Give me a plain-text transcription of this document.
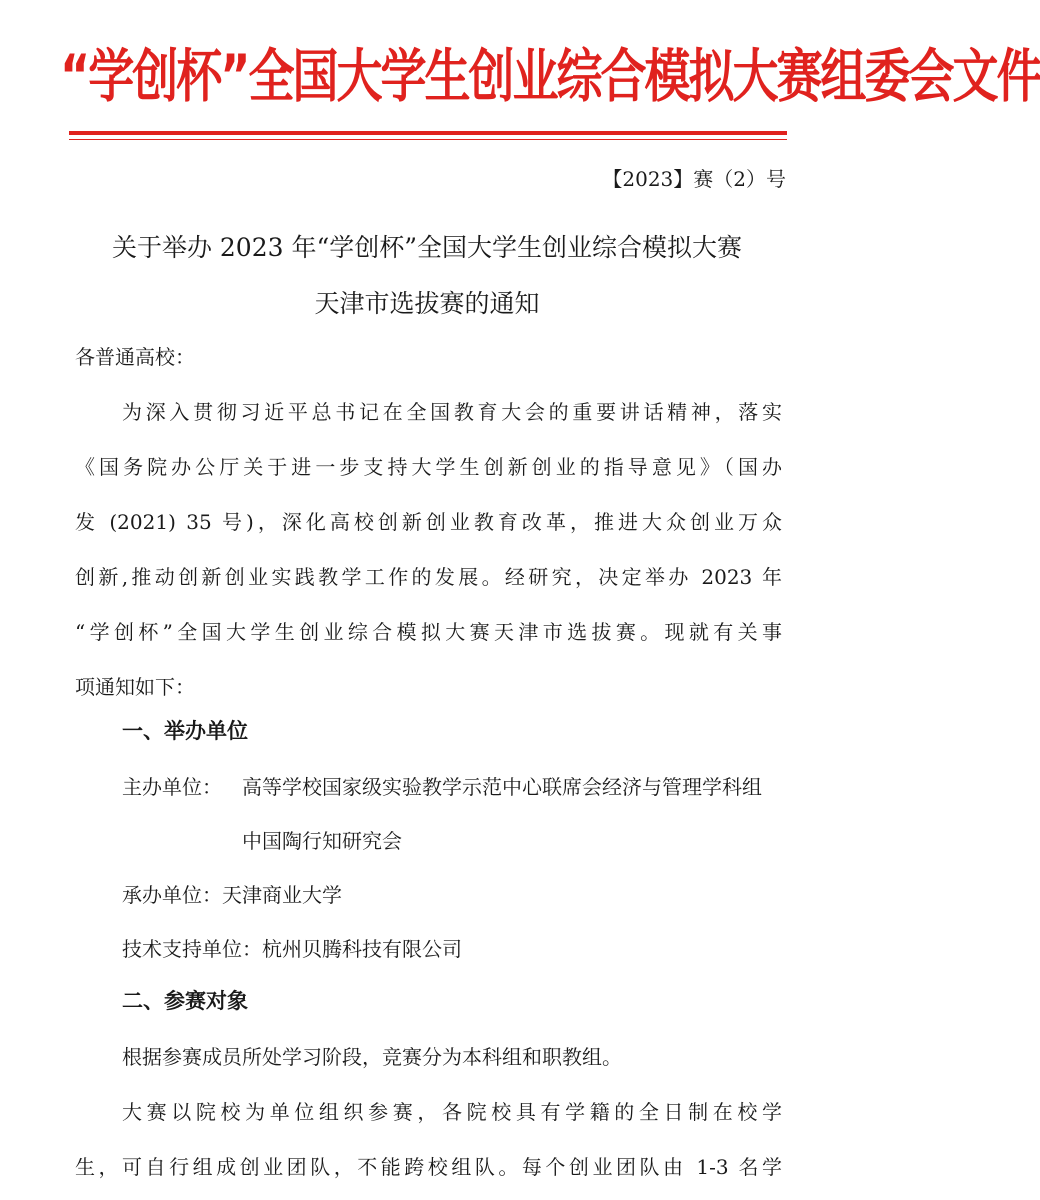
“学创杯”全国大学生创业综合模拟大赛组委会文件
【2023】赛（2）号
关于举办 2023 年“学创杯”全国大学生创业综合模拟大赛
天津市选拔赛的通知
各普通高校：
为深入贯彻习近平总书记在全国教育大会的重要讲话精神，落实
《国务院办公厅关于进一步支持大学生创新创业的指导意见》（国办
发 (2021) 35 号)，深化高校创新创业教育改革，推进大众创业万众
创新,推动创新创业实践教学工作的发展。经研究，决定举办 2023 年
“学创杯”全国大学生创业综合模拟大赛天津市选拔赛。现就有关事
项通知如下：
一、举办单位
主办单位： 高等学校国家级实验教学示范中心联席会经济与管理学科组
中国陶行知研究会
承办单位：天津商业大学
技术支持单位：杭州贝腾科技有限公司
二、参赛对象
根据参赛成员所处学习阶段，竞赛分为本科组和职教组。
大赛以院校为单位组织参赛，各院校具有学籍的全日制在校学
生，可自行组成创业团队，不能跨校组队。每个创业团队由 1-3 名学
